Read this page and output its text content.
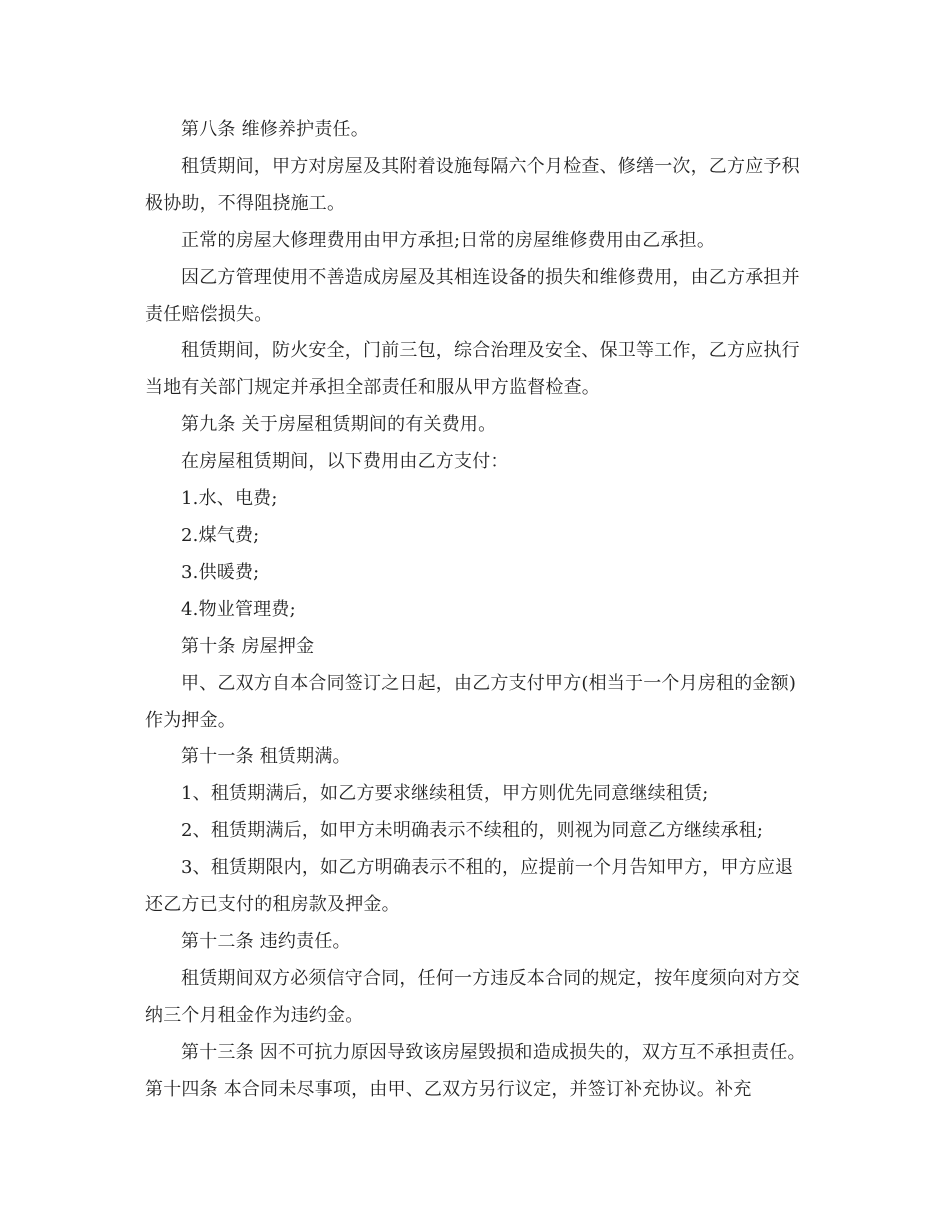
第八条 维修养护责任。

租赁期间，甲方对房屋及其附着设施每隔六个月检查、修缮一次，乙方应予积极协助，不得阻挠施工。

正常的房屋大修理费用由甲方承担;日常的房屋维修费用由乙承担。

因乙方管理使用不善造成房屋及其相连设备的损失和维修费用，由乙方承担并责任赔偿损失。

租赁期间，防火安全，门前三包，综合治理及安全、保卫等工作，乙方应执行当地有关部门规定并承担全部责任和服从甲方监督检查。

第九条 关于房屋租赁期间的有关费用。

在房屋租赁期间，以下费用由乙方支付：

1.水、电费;

2.煤气费;

3.供暖费;

4.物业管理费;

第十条 房屋押金

甲、乙双方自本合同签订之日起，由乙方支付甲方(相当于一个月房租的金额)作为押金。

第十一条 租赁期满。

1、租赁期满后，如乙方要求继续租赁，甲方则优先同意继续租赁;

2、租赁期满后，如甲方未明确表示不续租的，则视为同意乙方继续承租;

3、租赁期限内，如乙方明确表示不租的，应提前一个月告知甲方，甲方应退还乙方已支付的租房款及押金。

第十二条 违约责任。

租赁期间双方必须信守合同，任何一方违反本合同的规定，按年度须向对方交纳三个月租金作为违约金。

第十三条 因不可抗力原因导致该房屋毁损和造成损失的，双方互不承担责任。 第十四条 本合同未尽事项，由甲、乙双方另行议定，并签订补充协议。补充
